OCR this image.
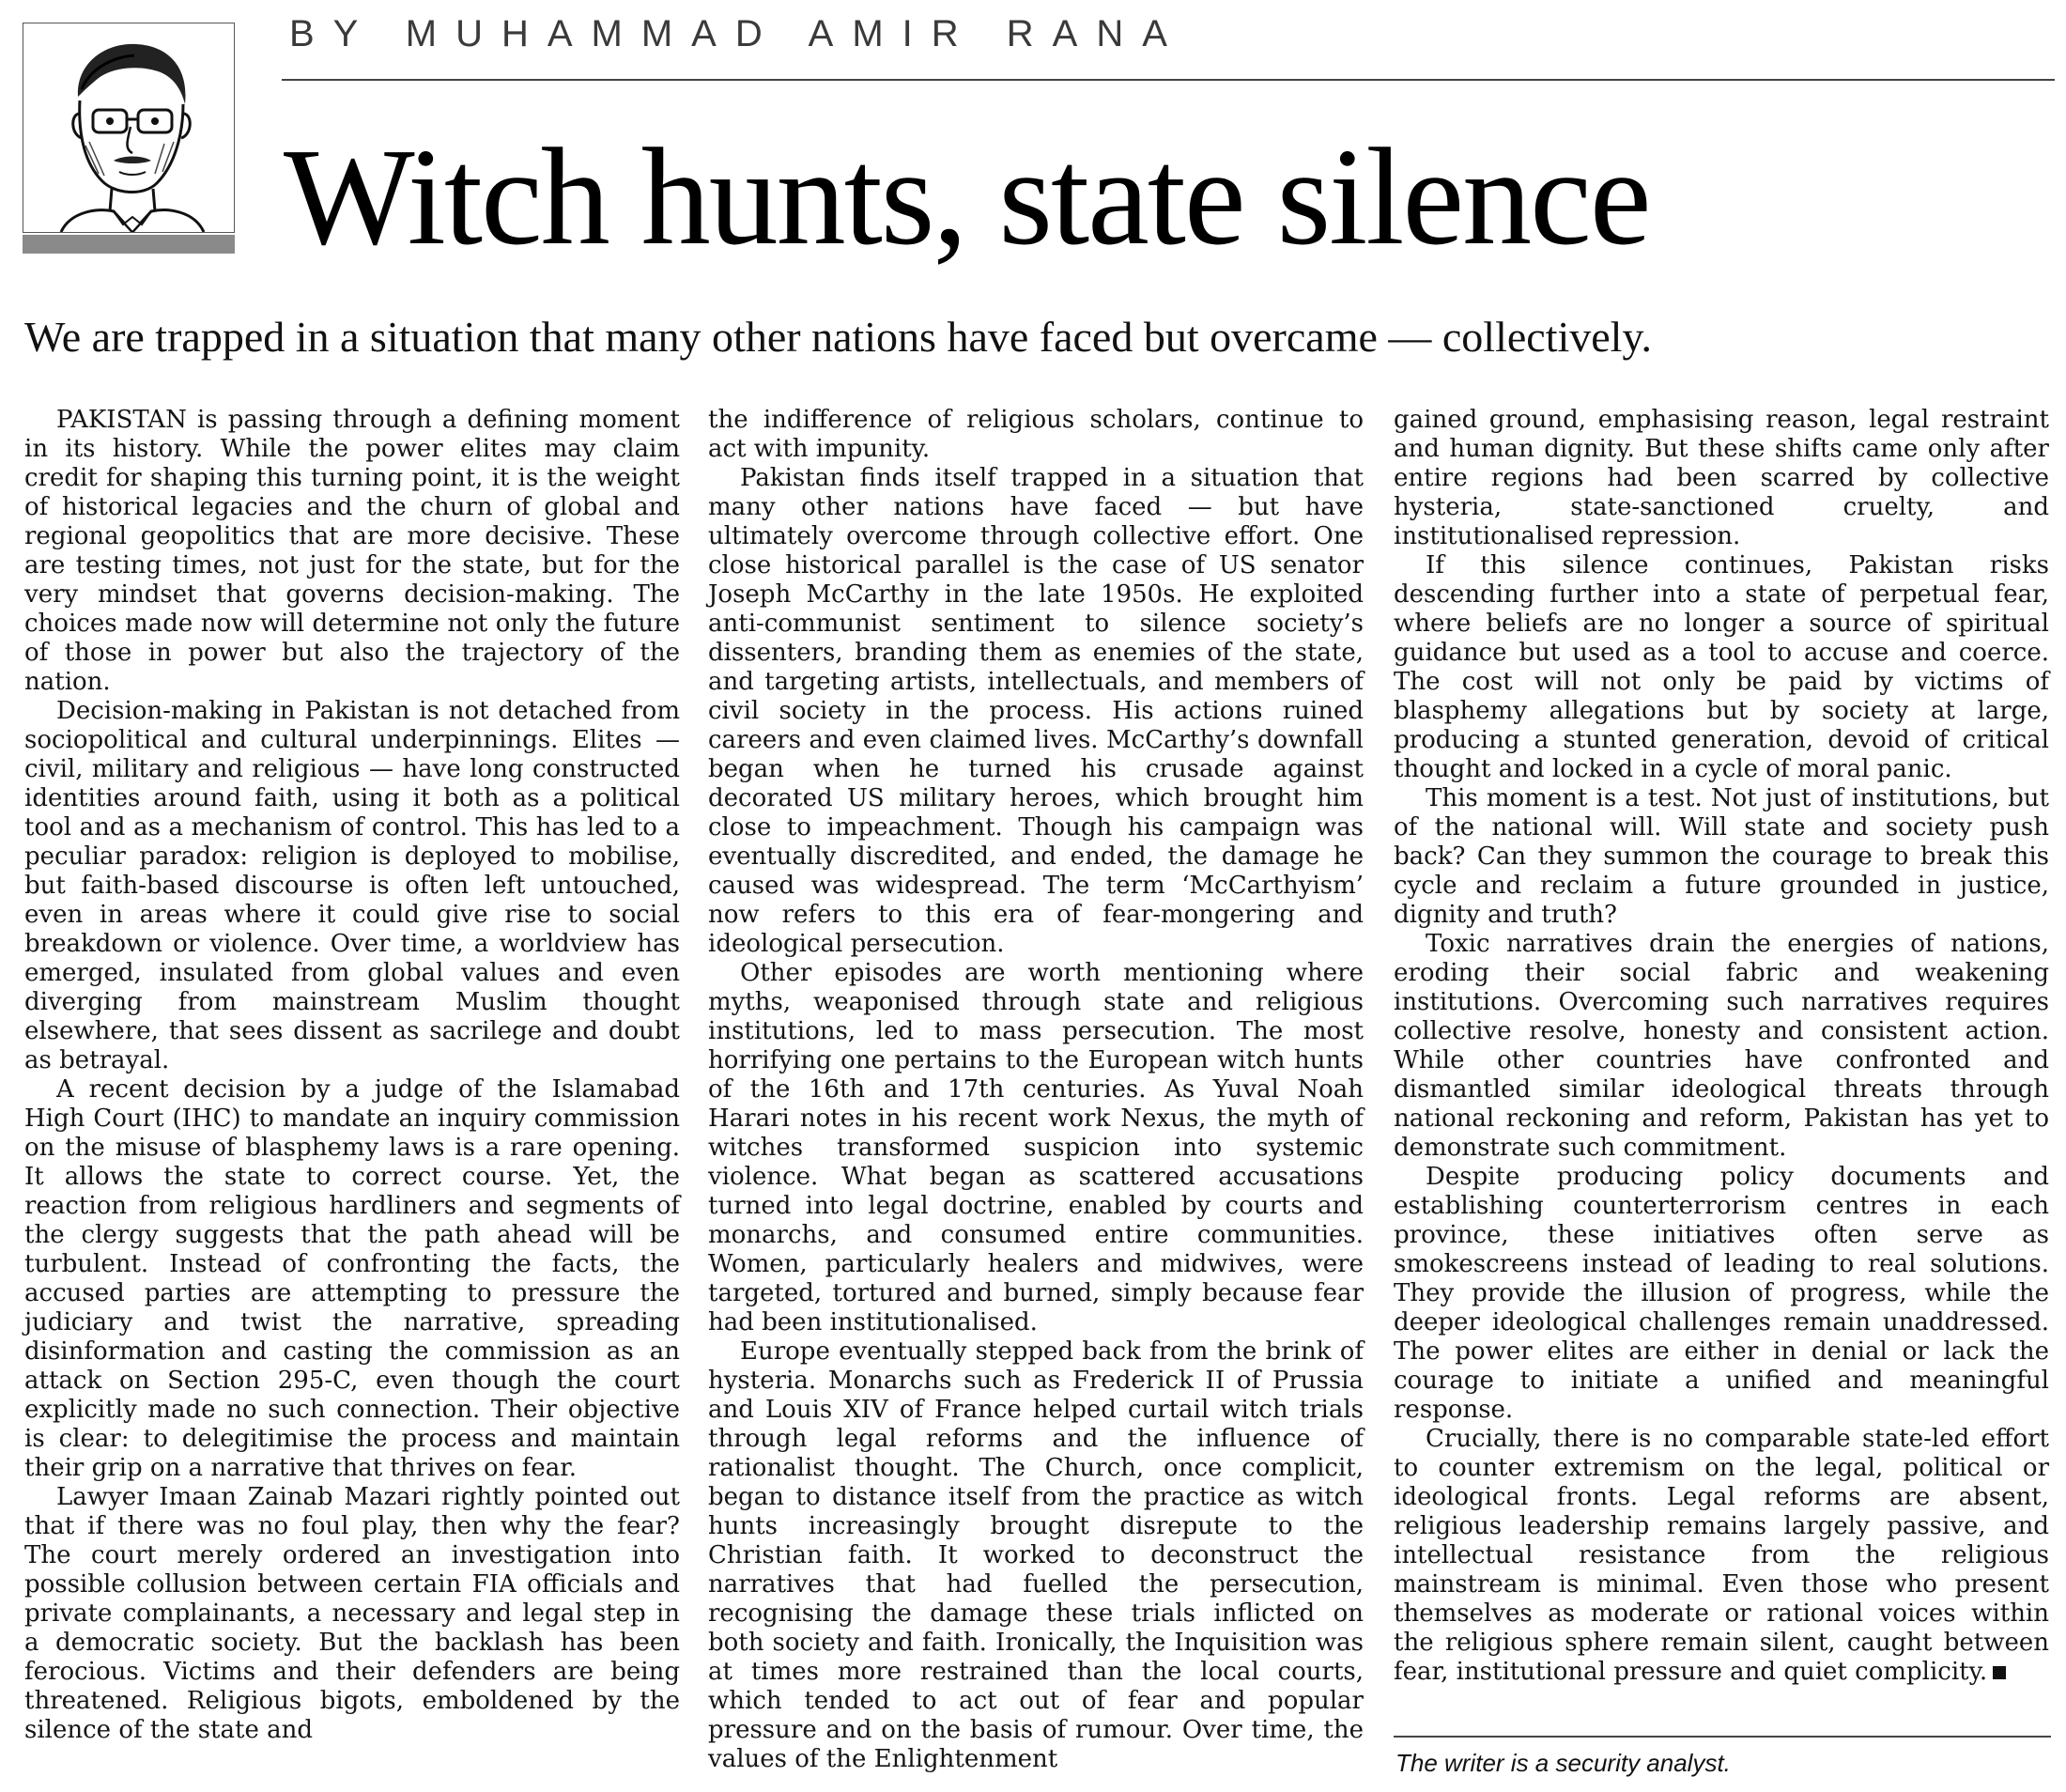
BY MUHAMMAD AMIR RANA
Witch hunts, state silence
We are trapped in a situation that many other nations have faced but overcame — collectively.

PAKISTAN is passing through a defining moment in its history. While the power elites may claim credit for shaping this turning point, it is the weight of historical legacies and the churn of global and regional geopolitics that are more decisive. These are testing times, not just for the state, but for the very mindset that governs decision-making. The choices made now will determine not only the future of those in power but also the trajectory of the nation.

Decision-making in Pakistan is not detached from sociopolitical and cultural underpinnings. Elites — civil, military and religious — have long constructed identities around faith, using it both as a political tool and as a mechanism of control. This has led to a peculiar paradox: religion is deployed to mobilise, but faith-based discourse is often left untouched, even in areas where it could give rise to social breakdown or violence. Over time, a worldview has emerged, insulated from global values and even diverging from mainstream Muslim thought elsewhere, that sees dissent as sacrilege and doubt as betrayal.

A recent decision by a judge of the Islamabad High Court (IHC) to mandate an inquiry commission on the misuse of blasphemy laws is a rare opening. It allows the state to correct course. Yet, the reaction from religious hardliners and segments of the clergy suggests that the path ahead will be turbulent. Instead of confronting the facts, the accused parties are attempting to pressure the judiciary and twist the narrative, spreading disinformation and casting the commission as an attack on Section 295-C, even though the court explicitly made no such connection. Their objective is clear: to delegitimise the process and maintain their grip on a narrative that thrives on fear.

Lawyer Imaan Zainab Mazari rightly pointed out that if there was no foul play, then why the fear? The court merely ordered an investigation into possible collusion between certain FIA officials and private complainants, a necessary and legal step in a democratic society. But the backlash has been ferocious. Victims and their defenders are being threatened. Religious bigots, emboldened by the silence of the state and

the indifference of religious scholars, continue to act with impunity.

Pakistan finds itself trapped in a situation that many other nations have faced — but have ultimately overcome through collective effort. One close historical parallel is the case of US senator Joseph McCarthy in the late 1950s. He exploited anti-communist sentiment to silence society’s dissenters, branding them as enemies of the state, and targeting artists, intellectuals, and members of civil society in the process. His actions ruined careers and even claimed lives. McCarthy’s downfall began when he turned his crusade against decorated US military heroes, which brought him close to impeachment. Though his campaign was eventually discredited, and ended, the damage he caused was widespread. The term ‘McCarthyism’ now refers to this era of fear-mongering and ideological persecution.

Other episodes are worth mentioning where myths, weaponised through state and religious institutions, led to mass persecution. The most horrifying one pertains to the European witch hunts of the 16th and 17th centuries. As Yuval Noah Harari notes in his recent work Nexus, the myth of witches transformed suspicion into systemic violence. What began as scattered accusations turned into legal doctrine, enabled by courts and monarchs, and consumed entire communities. Women, particularly healers and midwives, were targeted, tortured and burned, simply because fear had been institutionalised.

Europe eventually stepped back from the brink of hysteria. Monarchs such as Frederick II of Prussia and Louis XIV of France helped curtail witch trials through legal reforms and the influence of rationalist thought. The Church, once complicit, began to distance itself from the practice as witch hunts increasingly brought disrepute to the Christian faith. It worked to deconstruct the narratives that had fuelled the persecution, recognising the damage these trials inflicted on both society and faith. Ironically, the Inquisition was at times more restrained than the local courts, which tended to act out of fear and popular pressure and on the basis of rumour. Over time, the values of the Enlightenment

gained ground, emphasising reason, legal restraint and human dignity. But these shifts came only after entire regions had been scarred by collective hysteria, state-sanctioned cruelty, and institutionalised repression.

If this silence continues, Pakistan risks descending further into a state of perpetual fear, where beliefs are no longer a source of spiritual guidance but used as a tool to accuse and coerce. The cost will not only be paid by victims of blasphemy allegations but by society at large, producing a stunted generation, devoid of critical thought and locked in a cycle of moral panic.

This moment is a test. Not just of institutions, but of the national will. Will state and society push back? Can they summon the courage to break this cycle and reclaim a future grounded in justice, dignity and truth?

Toxic narratives drain the energies of nations, eroding their social fabric and weakening institutions. Overcoming such narratives requires collective resolve, honesty and consistent action. While other countries have confronted and dismantled similar ideological threats through national reckoning and reform, Pakistan has yet to demonstrate such commitment.

Despite producing policy documents and establishing counterterrorism centres in each province, these initiatives often serve as smokescreens instead of leading to real solutions. They provide the illusion of progress, while the deeper ideological challenges remain unaddressed. The power elites are either in denial or lack the courage to initiate a unified and meaningful response.

Crucially, there is no comparable state-led effort to counter extremism on the legal, political or ideological fronts. Legal reforms are absent, religious leadership remains largely passive, and intellectual resistance from the religious mainstream is minimal. Even those who present themselves as moderate or rational voices within the religious sphere remain silent, caught between fear, institutional pressure and quiet complicity.

The writer is a security analyst.
